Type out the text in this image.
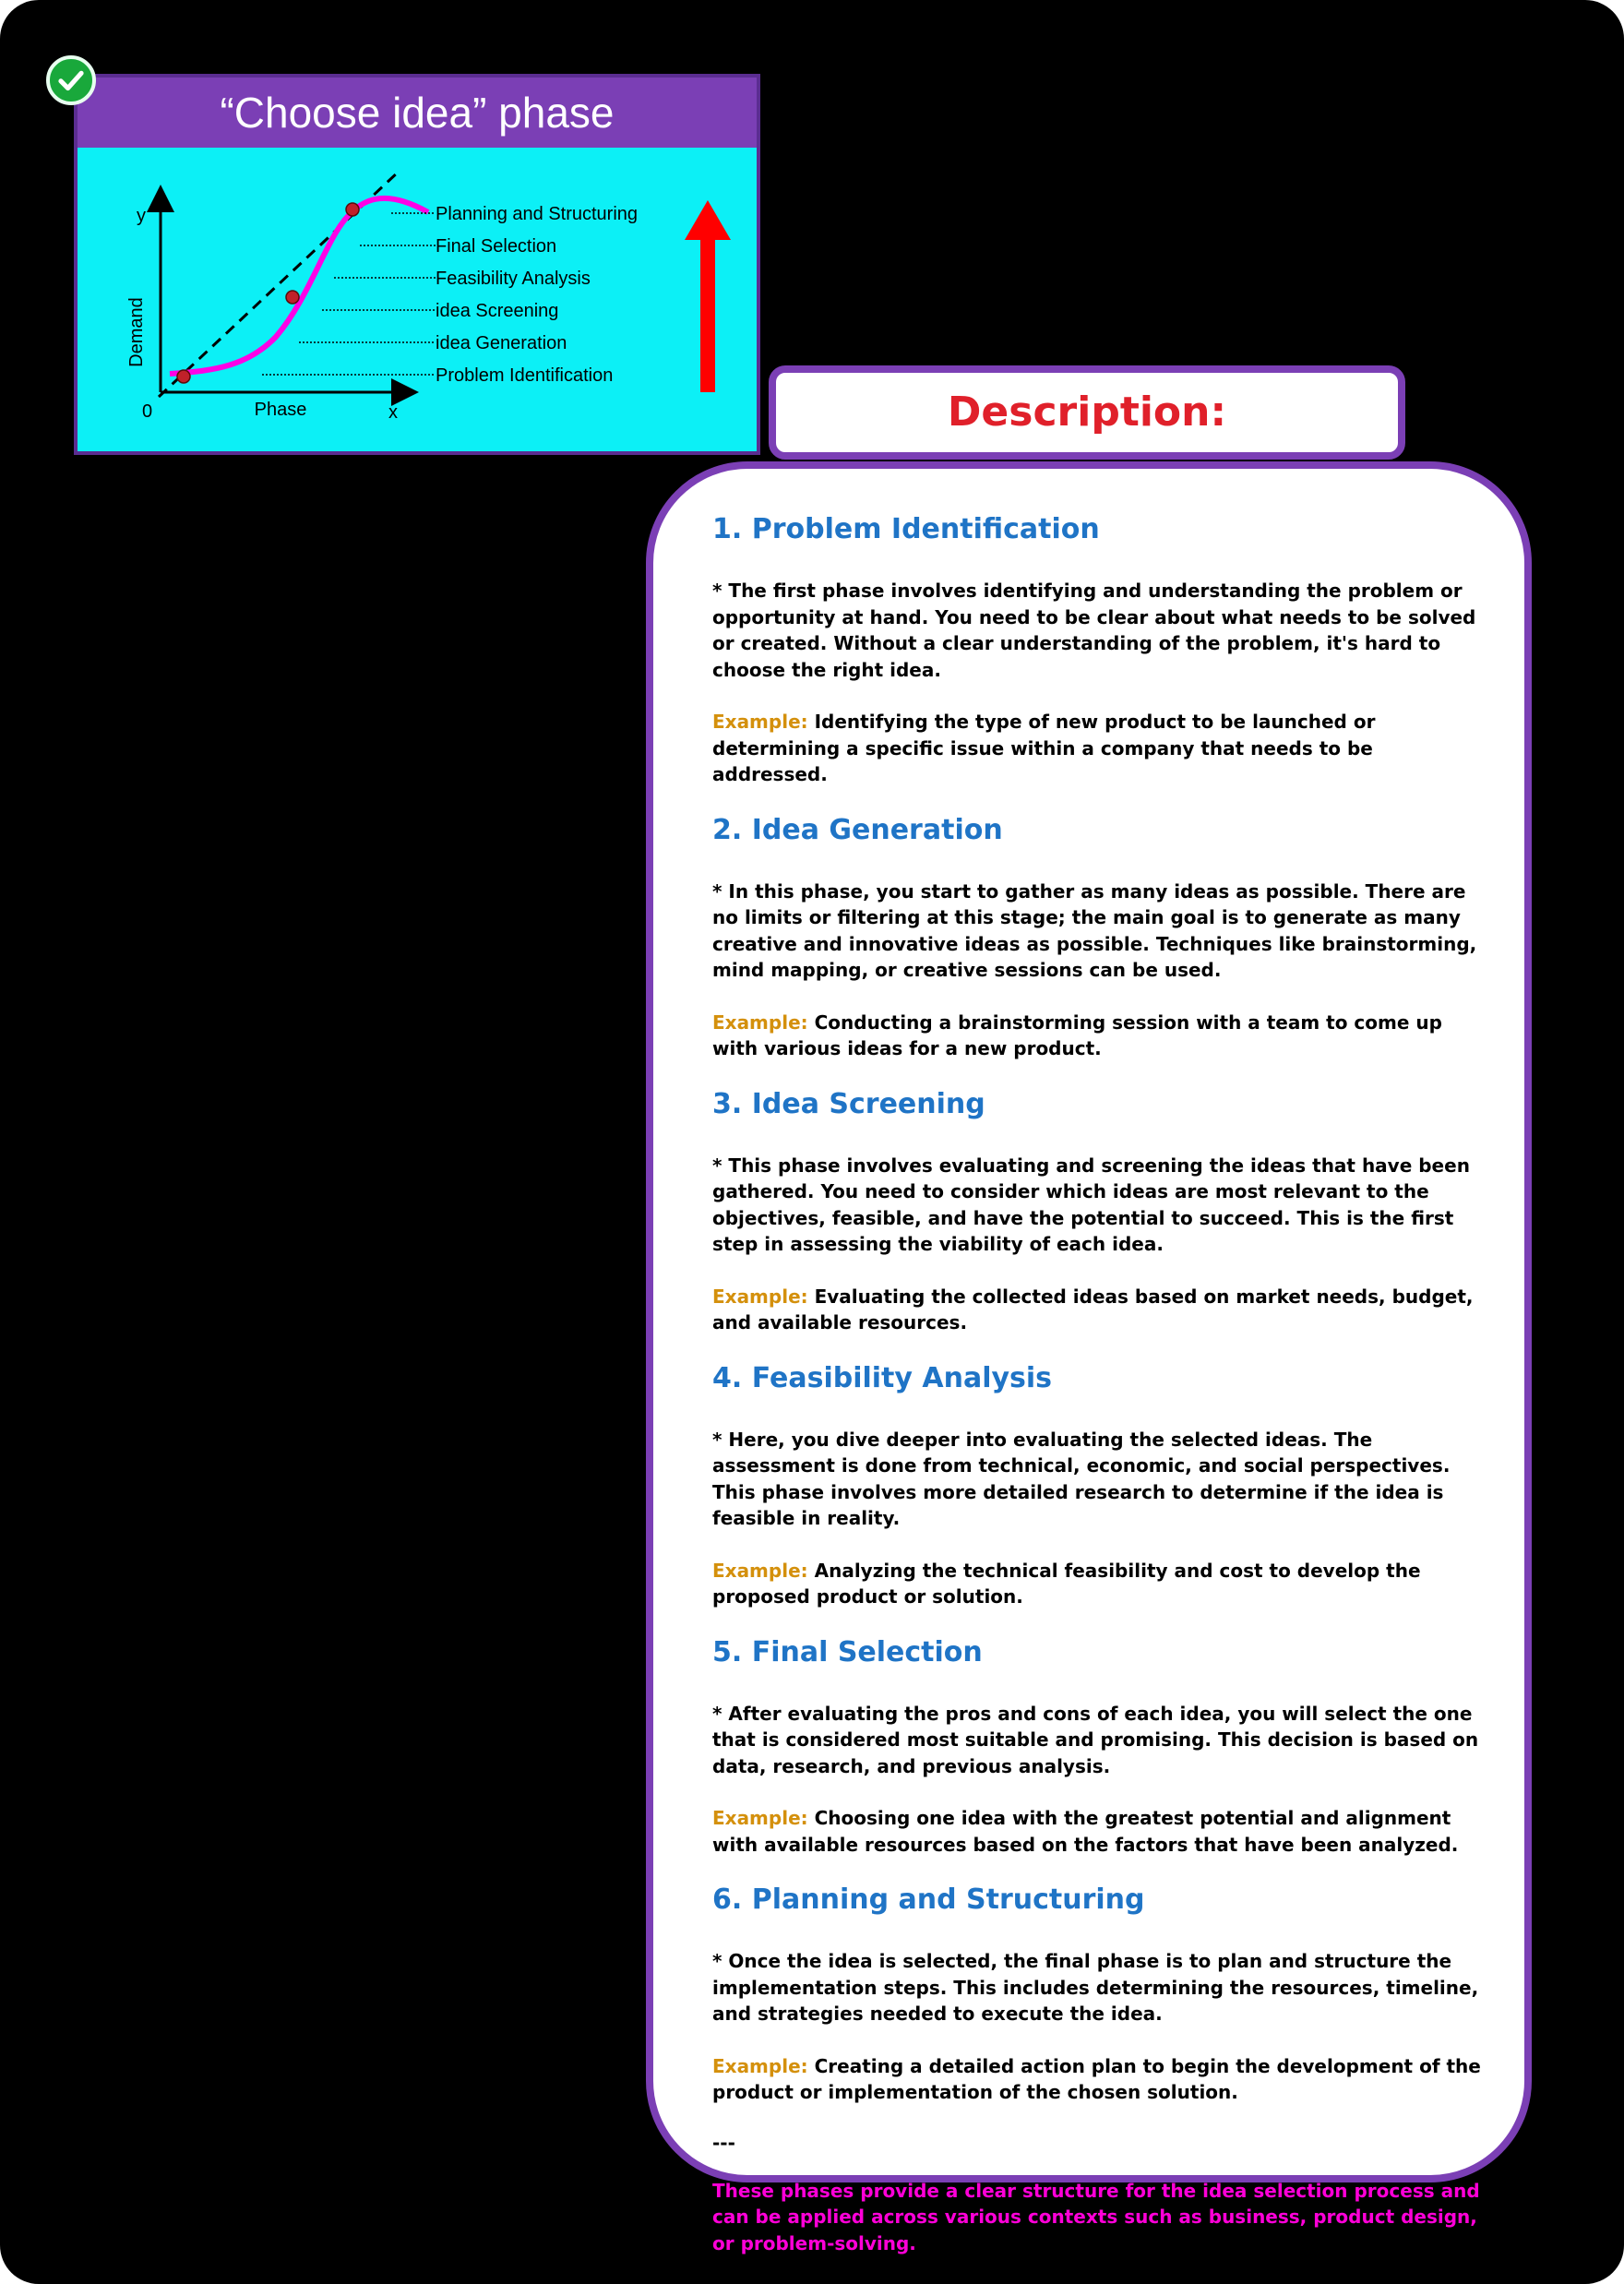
“Choose idea” phase
y
x
0
Demand
Phase
Planning and Structuring
Final Selection
Feasibility Analysis
idea Screening
idea Generation
Problem Identification
Description:
1. Problem Identification

* The first phase involves identifying and understanding the problem or opportunity at hand. You need to be clear about what needs to be solved or created. Without a clear understanding of the problem, it's hard to choose the right idea.

Example: Identifying the type of new product to be launched or determining a specific issue within a company that needs to be addressed.

2. Idea Generation

* In this phase, you start to gather as many ideas as possible. There are no limits or filtering at this stage; the main goal is to generate as many creative and innovative ideas as possible. Techniques like brainstorming, mind mapping, or creative sessions can be used.

Example: Conducting a brainstorming session with a team to come up with various ideas for a new product.

3. Idea Screening

* This phase involves evaluating and screening the ideas that have been gathered. You need to consider which ideas are most relevant to the objectives, feasible, and have the potential to succeed. This is the first step in assessing the viability of each idea.

Example: Evaluating the collected ideas based on market needs, budget, and available resources.

4. Feasibility Analysis

* Here, you dive deeper into evaluating the selected ideas. The assessment is done from technical, economic, and social perspectives. This phase involves more detailed research to determine if the idea is feasible in reality.

Example: Analyzing the technical feasibility and cost to develop the proposed product or solution.

5. Final Selection

* After evaluating the pros and cons of each idea, you will select the one that is considered most suitable and promising. This decision is based on data, research, and previous analysis.

Example: Choosing one idea with the greatest potential and alignment with available resources based on the factors that have been analyzed.

6. Planning and Structuring

* Once the idea is selected, the final phase is to plan and structure the implementation steps. This includes determining the resources, timeline, and strategies needed to execute the idea.

Example: Creating a detailed action plan to begin the development of the product or implementation of the chosen solution.

---

These phases provide a clear structure for the idea selection process and can be applied across various contexts such as business, product design, or problem-solving.
